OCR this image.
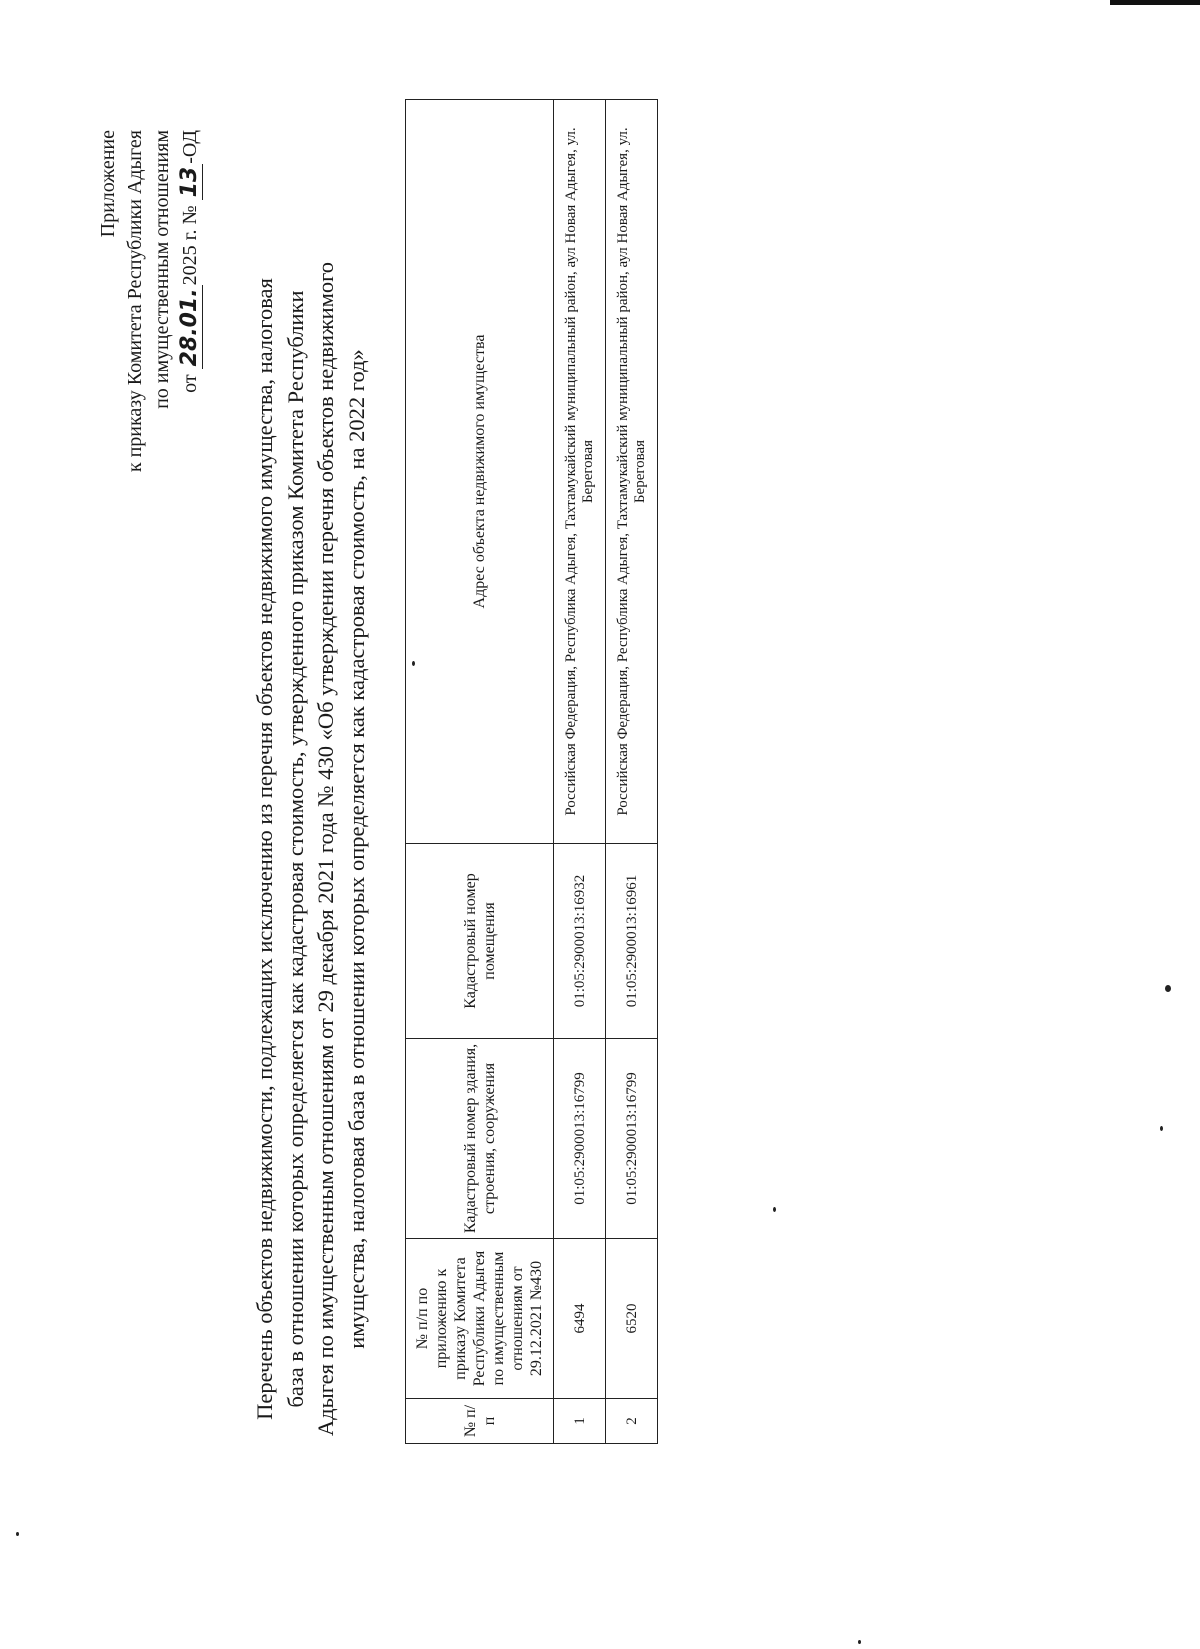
Приложение к приказу Комитета Республики Адыгея по имущественным отношениям от 28.01.2025 г. № 13-ОД
Перечень объектов недвижимости, подлежащих исключению из перечня объектов недвижимого имущества, налоговая база в отношении которых определяется как кадастровая стоимость, утвержденного приказом Комитета Республики Адыгея по имущественным отношениям от 29 декабря 2021 года № 430 «Об утверждении перечня объектов недвижимого имущества, налоговая база в отношении которых определяется как кадастровая стоимость, на 2022 год»
№ п/п	№ п/п по приложению к приказу Комитета Республики Адыгея по имущественным отношениям от 29.12.2021 №430	Кадастровый номер здания, строения, сооружения	Кадастровый номер помещения	Адрес объекта недвижимого имущества
1	6494	01:05:2900013:16799	01:05:2900013:16932	Российская Федерация, Республика Адыгея, Тахтамукайский муниципальный район, аул Новая Адыгея, ул. Береговая
2	6520	01:05:2900013:16799	01:05:2900013:16961	Российская Федерация, Республика Адыгея, Тахтамукайский муниципальный район, аул Новая Адыгея, ул. Береговая
